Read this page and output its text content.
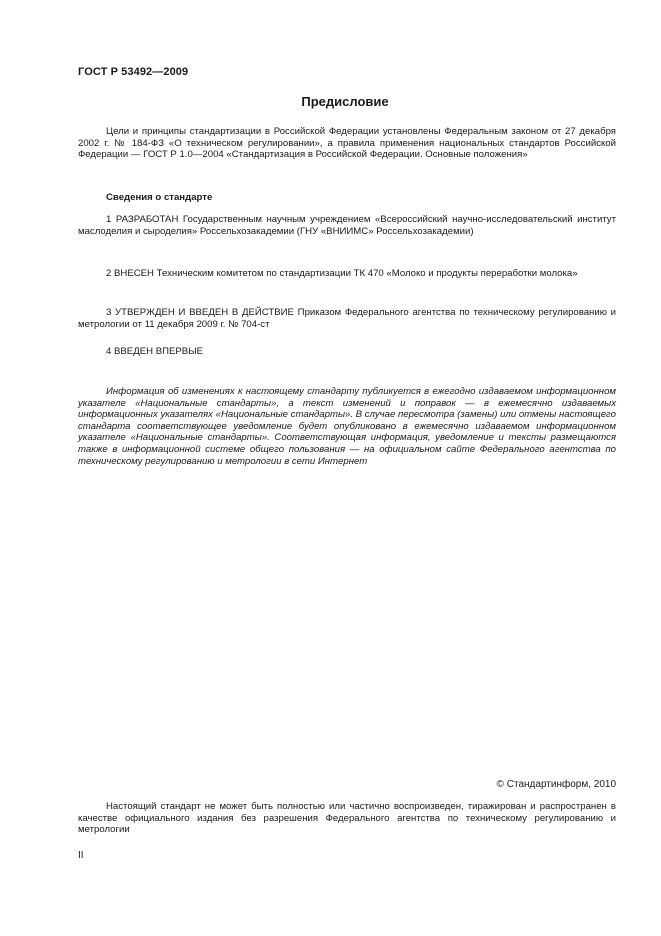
ГОСТ Р 53492—2009
Предисловие
Цели и принципы стандартизации в Российской Федерации установлены Федеральным законом от 27 декабря 2002 г. № 184-ФЗ «О техническом регулировании», а правила применения национальных стандартов Российской Федерации — ГОСТ Р 1.0—2004 «Стандартизация в Российской Федерации. Основные положения»
Сведения о стандарте
1 РАЗРАБОТАН Государственным научным учреждением «Всероссийский научно-исследовательский институт маслоделия и сыроделия» Россельхозакадемии (ГНУ «ВНИИМС» Россельхозакадемии)
2 ВНЕСЕН Техническим комитетом по стандартизации ТК 470 «Молоко и продукты переработки молока»
3 УТВЕРЖДЕН И ВВЕДЕН В ДЕЙСТВИЕ Приказом Федерального агентства по техническому регулированию и метрологии от 11 декабря 2009 г. № 704-ст
4 ВВЕДЕН ВПЕРВЫЕ
Информация об изменениях к настоящему стандарту публикуется в ежегодно издаваемом информационном указателе «Национальные стандарты», а текст изменений и поправок — в ежемесячно издаваемых информационных указателях «Национальные стандарты». В случае пересмотра (замены) или отмены настоящего стандарта соответствующее уведомление будет опубликовано в ежемесячно издаваемом информационном указателе «Национальные стандарты». Соответствующая информация, уведомление и тексты размещаются также в информационной системе общего пользования — на официальном сайте Федерального агентства по техническому регулированию и метрологии в сети Интернет
© Стандартинформ, 2010
Настоящий стандарт не может быть полностью или частично воспроизведен, тиражирован и распространен в качестве официального издания без разрешения Федерального агентства по техническому регулированию и метрологии
II
